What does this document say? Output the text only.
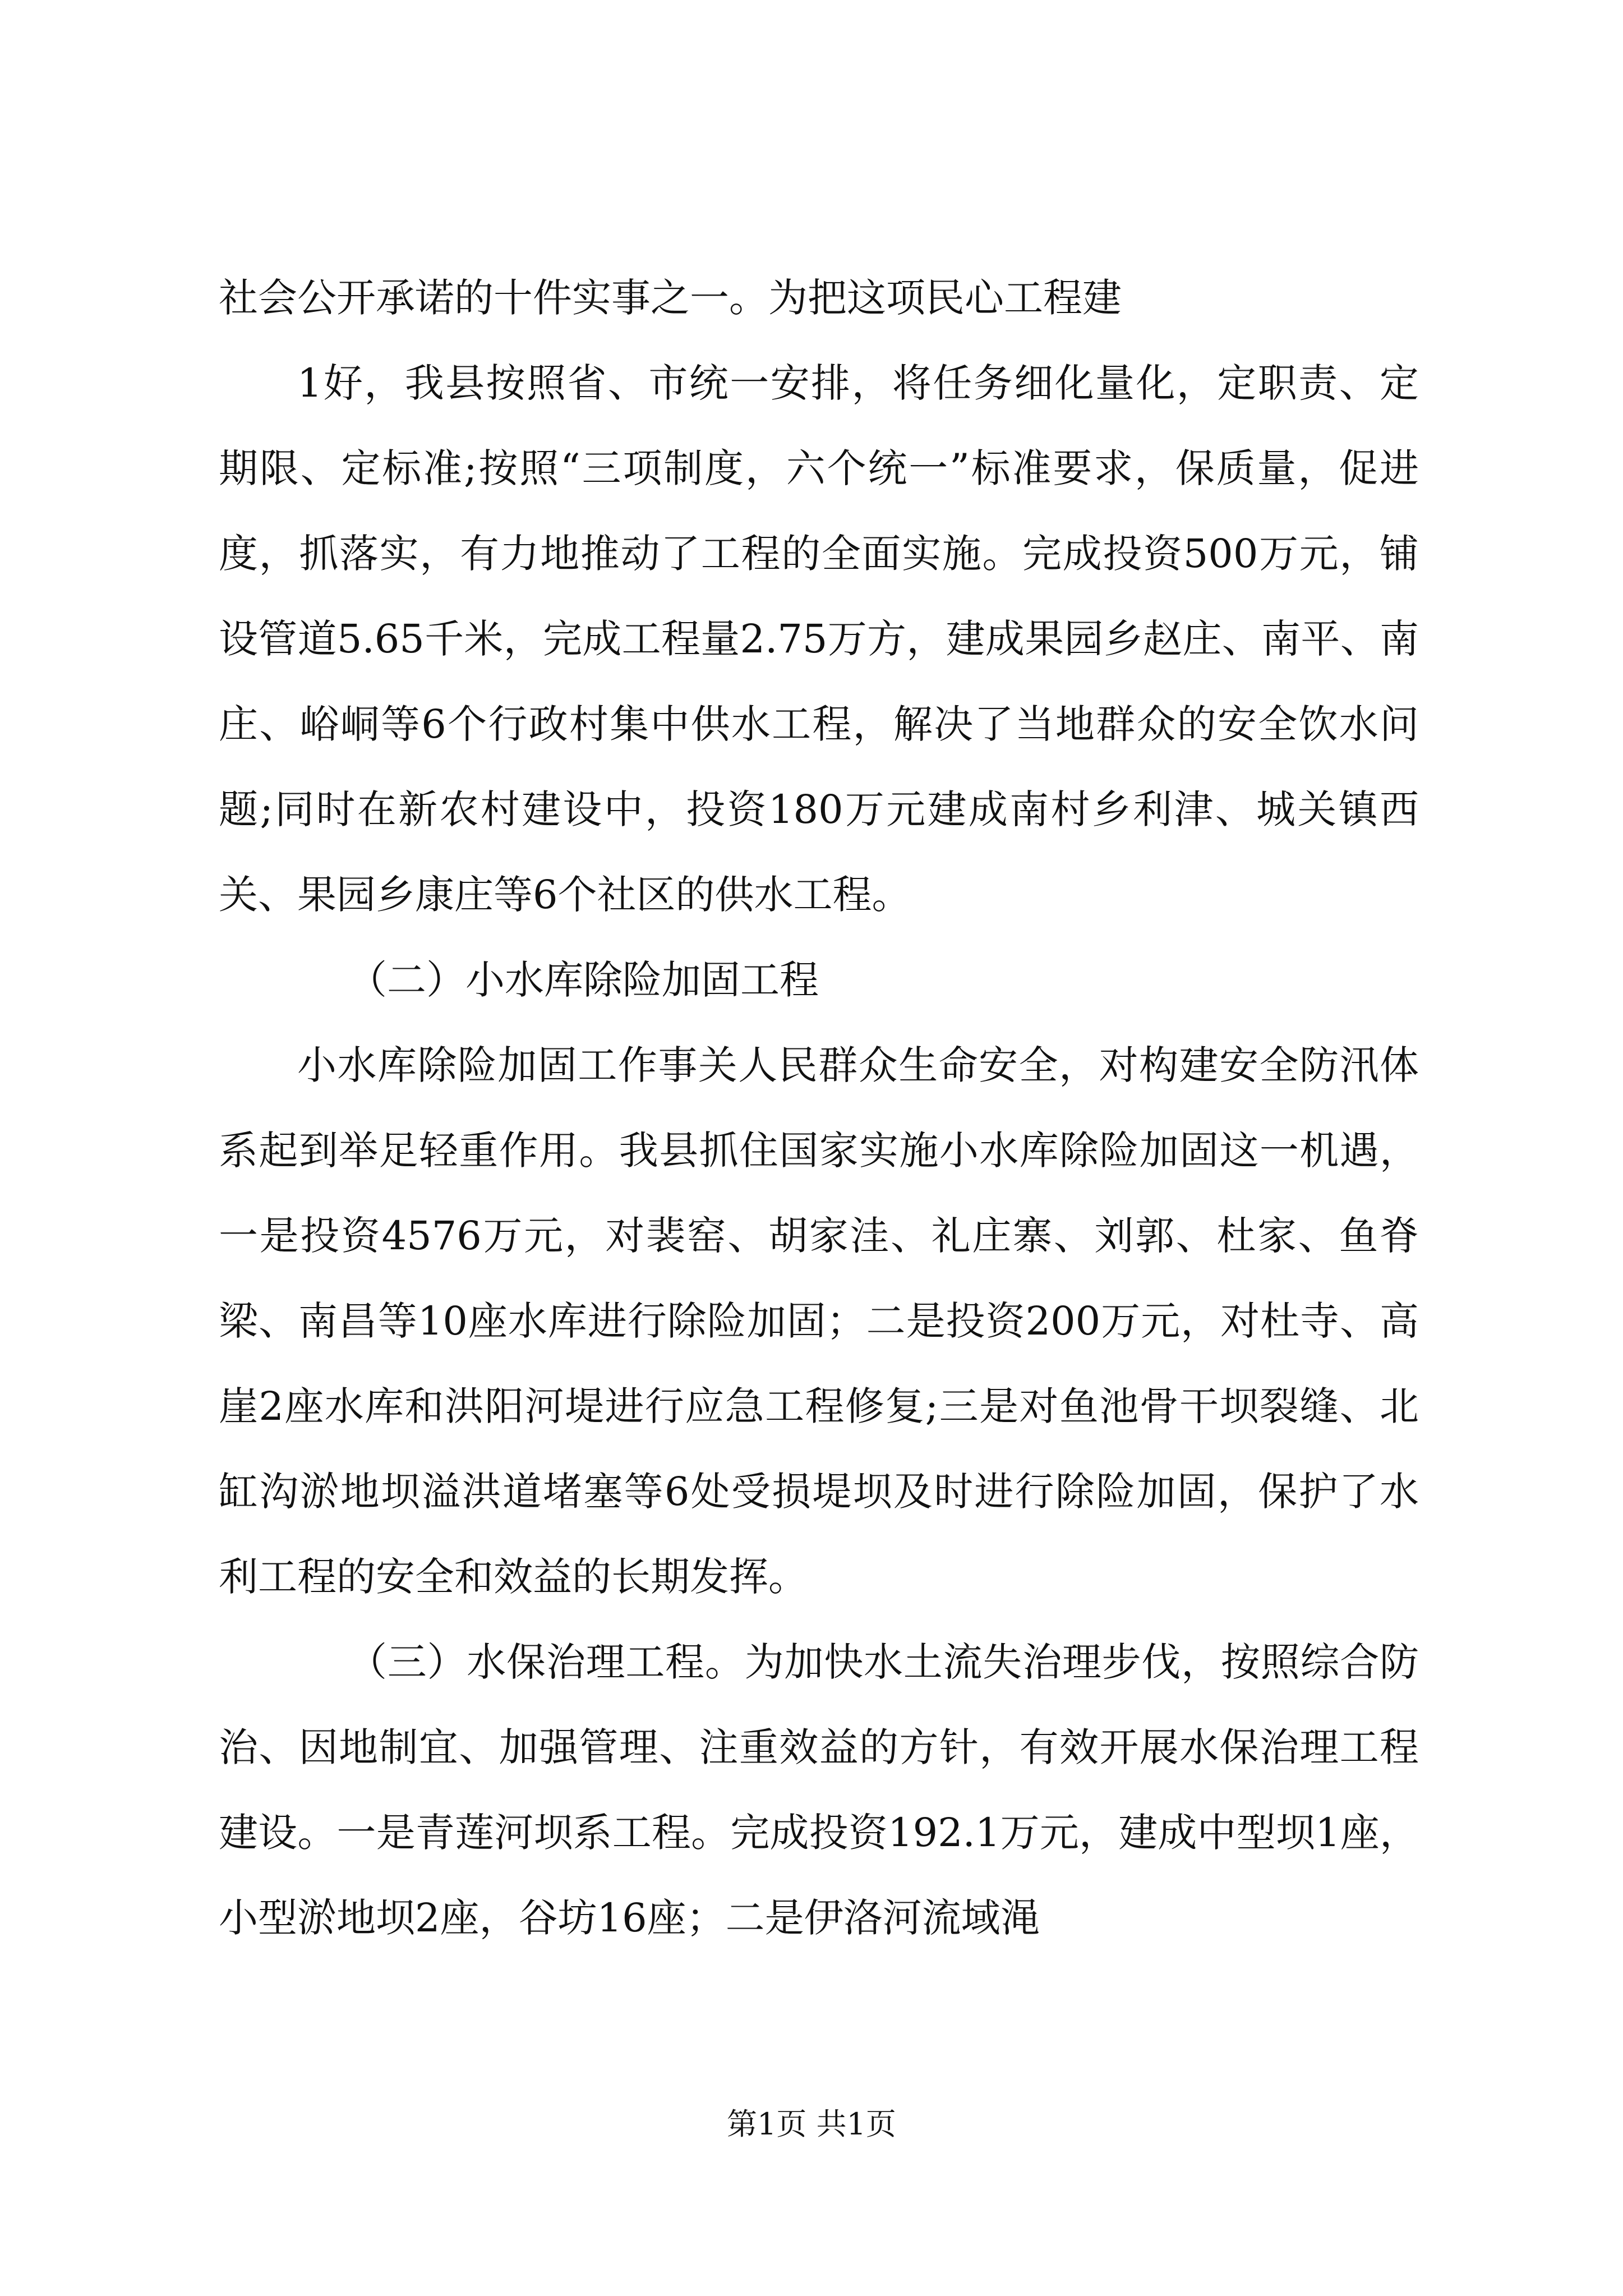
社会公开承诺的十件实事之一。为把这项民心工程建

1好，我县按照省、市统一安排，将任务细化量化，定职责、定期限、定标准;按照“三项制度，六个统一”标准要求，保质量，促进度，抓落实，有力地推动了工程的全面实施。完成投资500万元，铺设管道5.65千米，完成工程量2.75万方，建成果园乡赵庄、南平、南庄、峪峒等6个行政村集中供水工程，解决了当地群众的安全饮水问题;同时在新农村建设中，投资180万元建成南村乡利津、城关镇西关、果园乡康庄等6个社区的供水工程。

（二）小水库除险加固工程

小水库除险加固工作事关人民群众生命安全，对构建安全防汛体系起到举足轻重作用。我县抓住国家实施小水库除险加固这一机遇，一是投资4576万元，对裴窑、胡家洼、礼庄寨、刘郭、杜家、鱼脊梁、南昌等10座水库进行除险加固；二是投资200万元，对杜寺、高崖2座水库和洪阳河堤进行应急工程修复;三是对鱼池骨干坝裂缝、北缸沟淤地坝溢洪道堵塞等6处受损堤坝及时进行除险加固，保护了水利工程的安全和效益的长期发挥。

（三）水保治理工程。为加快水土流失治理步伐，按照综合防治、因地制宜、加强管理、注重效益的方针，有效开展水保治理工程建设。一是青莲河坝系工程。完成投资192.1万元，建成中型坝1座，小型淤地坝2座，谷坊16座；二是伊洛河流域渑

第1页 共1页
